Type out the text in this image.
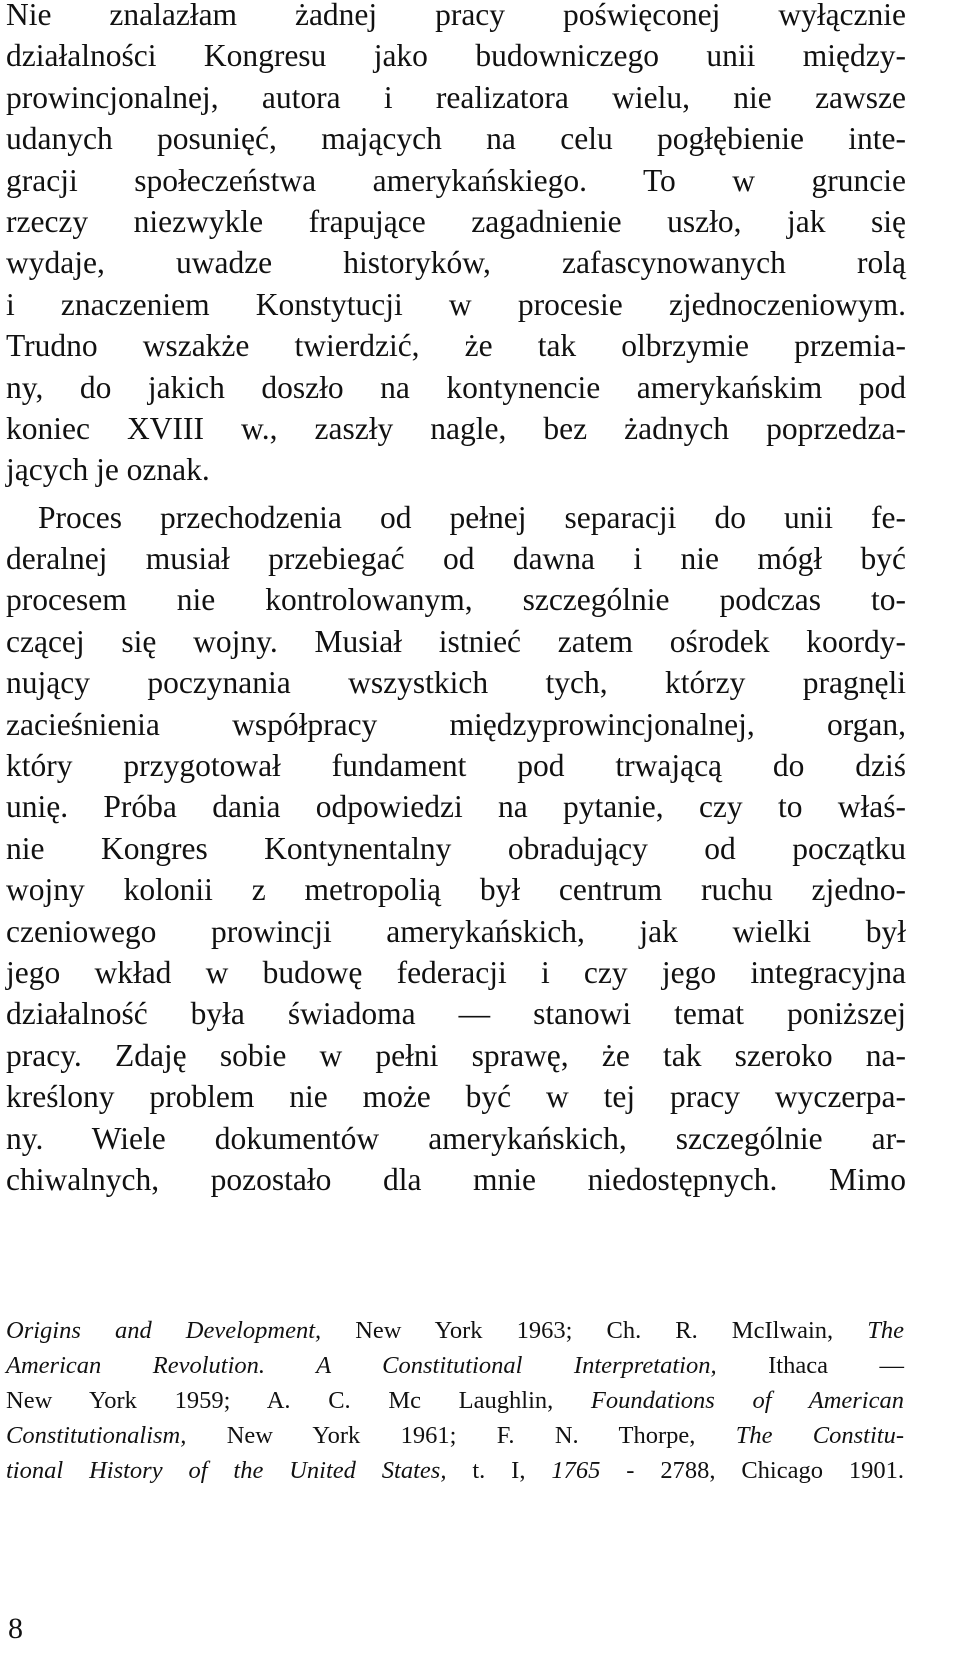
Nie znalazłam żadnej pracy poświęconej wyłącznie
działalności Kongresu jako budowniczego unii między-
prowincjonalnej, autora i realizatora wielu, nie zawsze
udanych posunięć, mających na celu pogłębienie inte-
gracji społeczeństwa amerykańskiego. To w gruncie
rzeczy niezwykle frapujące zagadnienie uszło, jak się
wydaje, uwadze historyków, zafascynowanych rolą
i znaczeniem Konstytucji w procesie zjednoczeniowym.
Trudno wszakże twierdzić, że tak olbrzymie przemia-
ny, do jakich doszło na kontynencie amerykańskim pod
koniec XVIII w., zaszły nagle, bez żadnych poprzedza-
jących je oznak.
Proces przechodzenia od pełnej separacji do unii fe-
deralnej musiał przebiegać od dawna i nie mógł być
procesem nie kontrolowanym, szczególnie podczas to-
czącej się wojny. Musiał istnieć zatem ośrodek koordy-
nujący poczynania wszystkich tych, którzy pragnęli
zacieśnienia współpracy międzyprowincjonalnej, organ,
który przygotował fundament pod trwającą do dziś
unię. Próba dania odpowiedzi na pytanie, czy to właś-
nie Kongres Kontynentalny obradujący od początku
wojny kolonii z metropolią był centrum ruchu zjedno-
czeniowego prowincji amerykańskich, jak wielki był
jego wkład w budowę federacji i czy jego integracyjna
działalność była świadoma — stanowi temat poniższej
pracy. Zdaję sobie w pełni sprawę, że tak szeroko na-
kreślony problem nie może być w tej pracy wyczerpa-
ny. Wiele dokumentów amerykańskich, szczególnie ar-
chiwalnych, pozostało dla mnie niedostępnych. Mimo
Origins and Development, New York 1963; Ch. R. McIlwain, The
American Revolution. A Constitutional Interpretation, Ithaca —
New York 1959; A. C. Mc Laughlin, Foundations of American
Constitutionalism, New York 1961; F. N. Thorpe, The Constitu-
tional History of the United States, t. I, 1765 - 2788, Chicago 1901.
8
